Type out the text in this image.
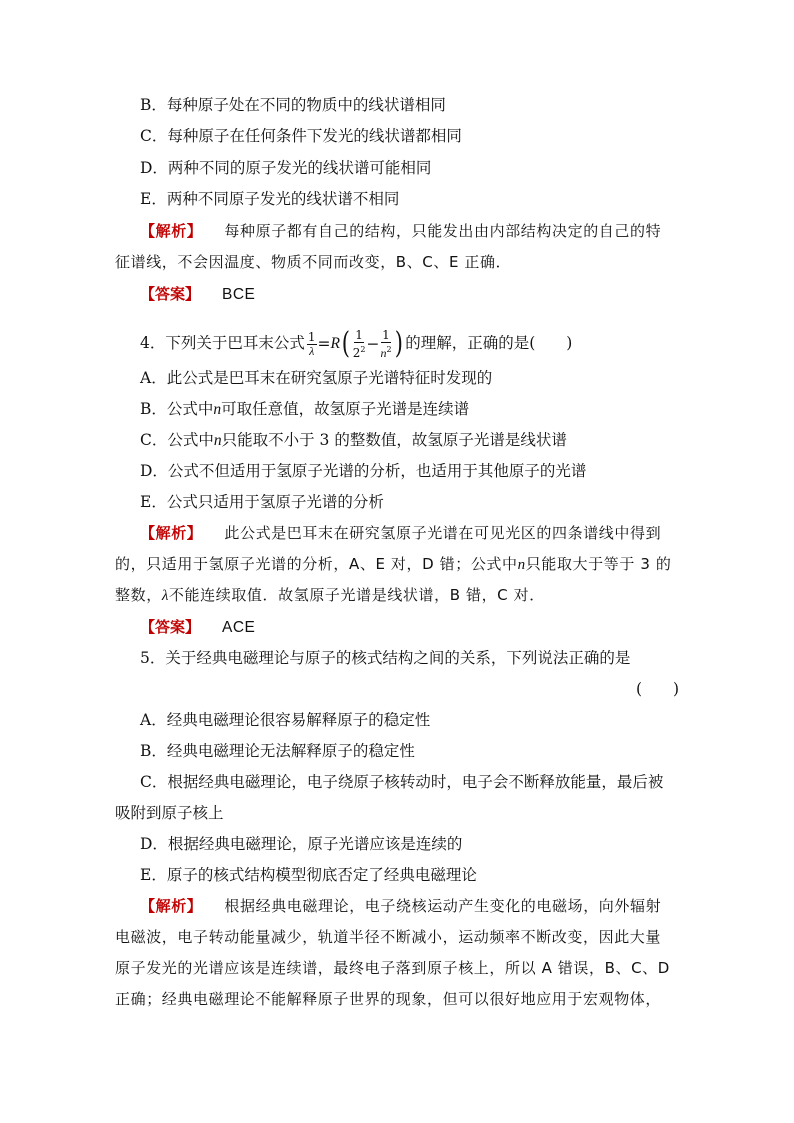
B．每种原子处在不同的物质中的线状谱相同
C．每种原子在任何条件下发光的线状谱都相同
D．两种不同的原子发光的线状谱可能相同
E．两种不同原子发光的线状谱不相同
【解析】 每种原子都有自己的结构，只能发出由内部结构决定的自己的特
征谱线，不会因温度、物质不同而改变，B、C、E 正确．
【答案】 BCE
4．下列关于巴耳末公式 $\frac{1}{\lambda} = R$ ( $\frac{1}{2^2} - \frac{1}{n^2}$ ) 的理解，正确的是(　　)
A．此公式是巴耳末在研究氢原子光谱特征时发现的
B．公式中n可取任意值，故氢原子光谱是连续谱
C．公式中n只能取不小于 3 的整数值，故氢原子光谱是线状谱
D．公式不但适用于氢原子光谱的分析，也适用于其他原子的光谱
E．公式只适用于氢原子光谱的分析
【解析】 此公式是巴耳末在研究氢原子光谱在可见光区的四条谱线中得到
的，只适用于氢原子光谱的分析，A、E 对，D 错；公式中n只能取大于等于 3 的
整数，λ不能连续取值．故氢原子光谱是线状谱，B 错，C 对．
【答案】 ACE
5．关于经典电磁理论与原子的核式结构之间的关系，下列说法正确的是
(　　)
A．经典电磁理论很容易解释原子的稳定性
B．经典电磁理论无法解释原子的稳定性
C．根据经典电磁理论，电子绕原子核转动时，电子会不断释放能量，最后被
吸附到原子核上
D．根据经典电磁理论，原子光谱应该是连续的
E．原子的核式结构模型彻底否定了经典电磁理论
【解析】 根据经典电磁理论，电子绕核运动产生变化的电磁场，向外辐射
电磁波，电子转动能量减少，轨道半径不断减小，运动频率不断改变，因此大量
原子发光的光谱应该是连续谱，最终电子落到原子核上，所以 A 错误，B、C、D
正确；经典电磁理论不能解释原子世界的现象，但可以很好地应用于宏观物体，
